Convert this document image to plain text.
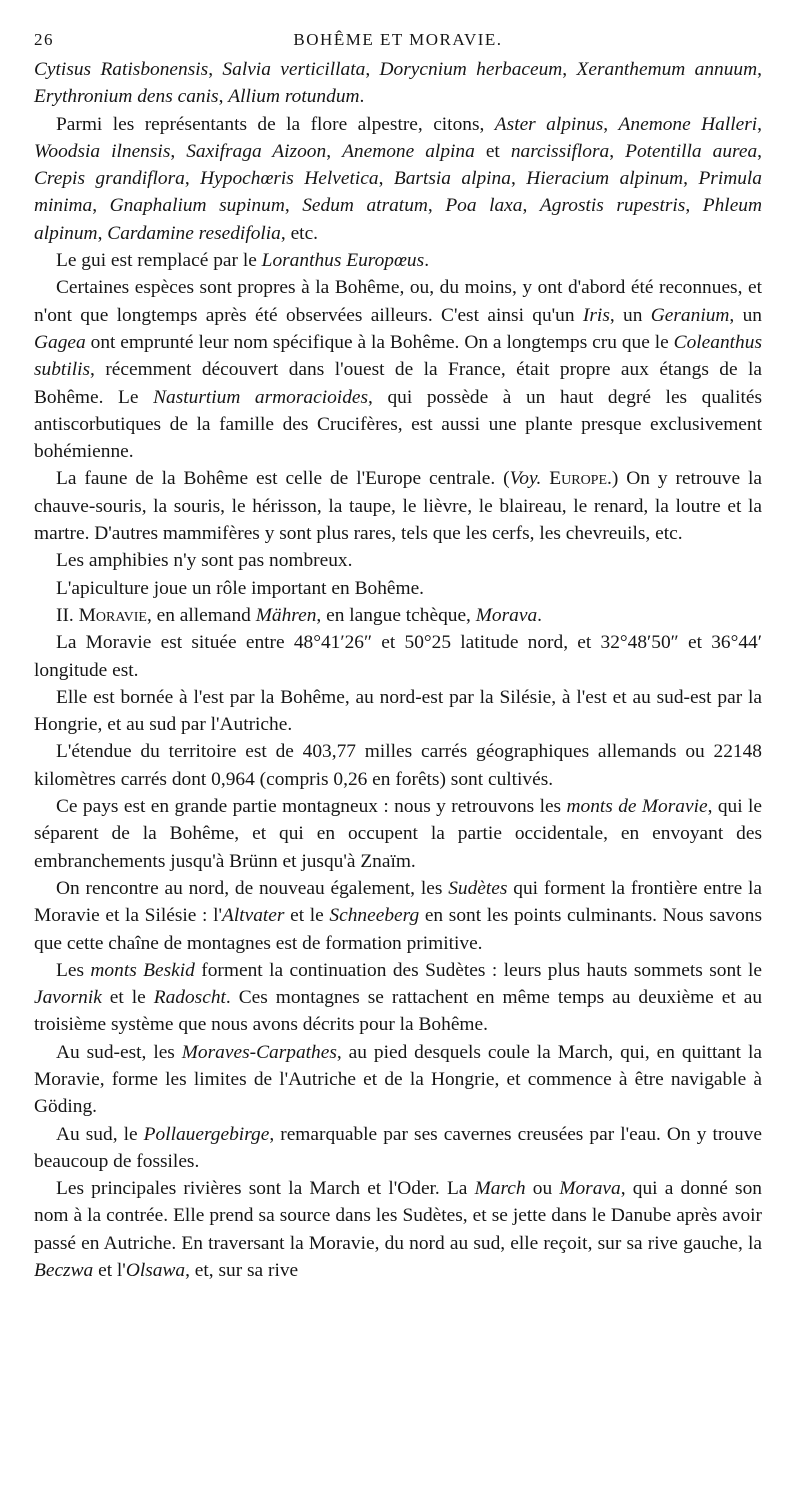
26	BOHÊME ET MORAVIE.

Cytisus Ratisbonensis, Salvia verticillata, Dorycnium herbaceum, Xeranthemum annuum, Erythronium dens canis, Allium rotundum.

Parmi les représentants de la flore alpestre, citons, Aster alpinus, Anemone Halleri, Woodsia ilnensis, Saxifraga Aizoon, Anemone alpina et narcissiflora, Potentilla aurea, Crepis grandiflora, Hypochœris Helvetica, Bartsia alpina, Hieracium alpinum, Primula minima, Gnaphalium supinum, Sedum atratum, Poa laxa, Agrostis rupestris, Phleum alpinum, Cardamine resedifolia, etc.

Le gui est remplacé par le Loranthus Europœus.

Certaines espèces sont propres à la Bohême, ou, du moins, y ont d'abord été reconnues, et n'ont que longtemps après été observées ailleurs. C'est ainsi qu'un Iris, un Geranium, un Gagea ont emprunté leur nom spécifique à la Bohême. On a longtemps cru que le Coleanthus subtilis, récemment découvert dans l'ouest de la France, était propre aux étangs de la Bohême. Le Nasturtium armoracioides, qui possède à un haut degré les qualités antiscorbutiques de la famille des Crucifères, est aussi une plante presque exclusivement bohémienne.

La faune de la Bohême est celle de l'Europe centrale. (Voy. Europe.) On y retrouve la chauve-souris, la souris, le hérisson, la taupe, le lièvre, le blaireau, le renard, la loutre et la martre. D'autres mammifères y sont plus rares, tels que les cerfs, les chevreuils, etc.

Les amphibies n'y sont pas nombreux.

L'apiculture joue un rôle important en Bohême.

II. Moravie, en allemand Mähren, en langue tchèque, Morava.

La Moravie est située entre 48°41′26″ et 50°25 latitude nord, et 32°48′50″ et 36°44′ longitude est.

Elle est bornée à l'est par la Bohême, au nord-est par la Silésie, à l'est et au sud-est par la Hongrie, et au sud par l'Autriche.

L'étendue du territoire est de 403,77 milles carrés géographiques allemands ou 22148 kilomètres carrés dont 0,964 (compris 0,26 en forêts) sont cultivés.

Ce pays est en grande partie montagneux : nous y retrouvons les monts de Moravie, qui le séparent de la Bohême, et qui en occupent la partie occidentale, en envoyant des embranchements jusqu'à Brünn et jusqu'à Znaïm.

On rencontre au nord, de nouveau également, les Sudètes qui forment la frontière entre la Moravie et la Silésie : l'Altvater et le Schneeberg en sont les points culminants. Nous savons que cette chaîne de montagnes est de formation primitive.

Les monts Beskid forment la continuation des Sudètes : leurs plus hauts sommets sont le Javornik et le Radoscht. Ces montagnes se rattachent en même temps au deuxième et au troisième système que nous avons décrits pour la Bohême.

Au sud-est, les Moraves-Carpathes, au pied desquels coule la March, qui, en quittant la Moravie, forme les limites de l'Autriche et de la Hongrie, et commence à être navigable à Göding.

Au sud, le Pollauergebirge, remarquable par ses cavernes creusées par l'eau. On y trouve beaucoup de fossiles.

Les principales rivières sont la March et l'Oder. La March ou Morava, qui a donné son nom à la contrée. Elle prend sa source dans les Sudètes, et se jette dans le Danube après avoir passé en Autriche. En traversant la Moravie, du nord au sud, elle reçoit, sur sa rive gauche, la Beczwa et l'Olsawa, et, sur sa rive
